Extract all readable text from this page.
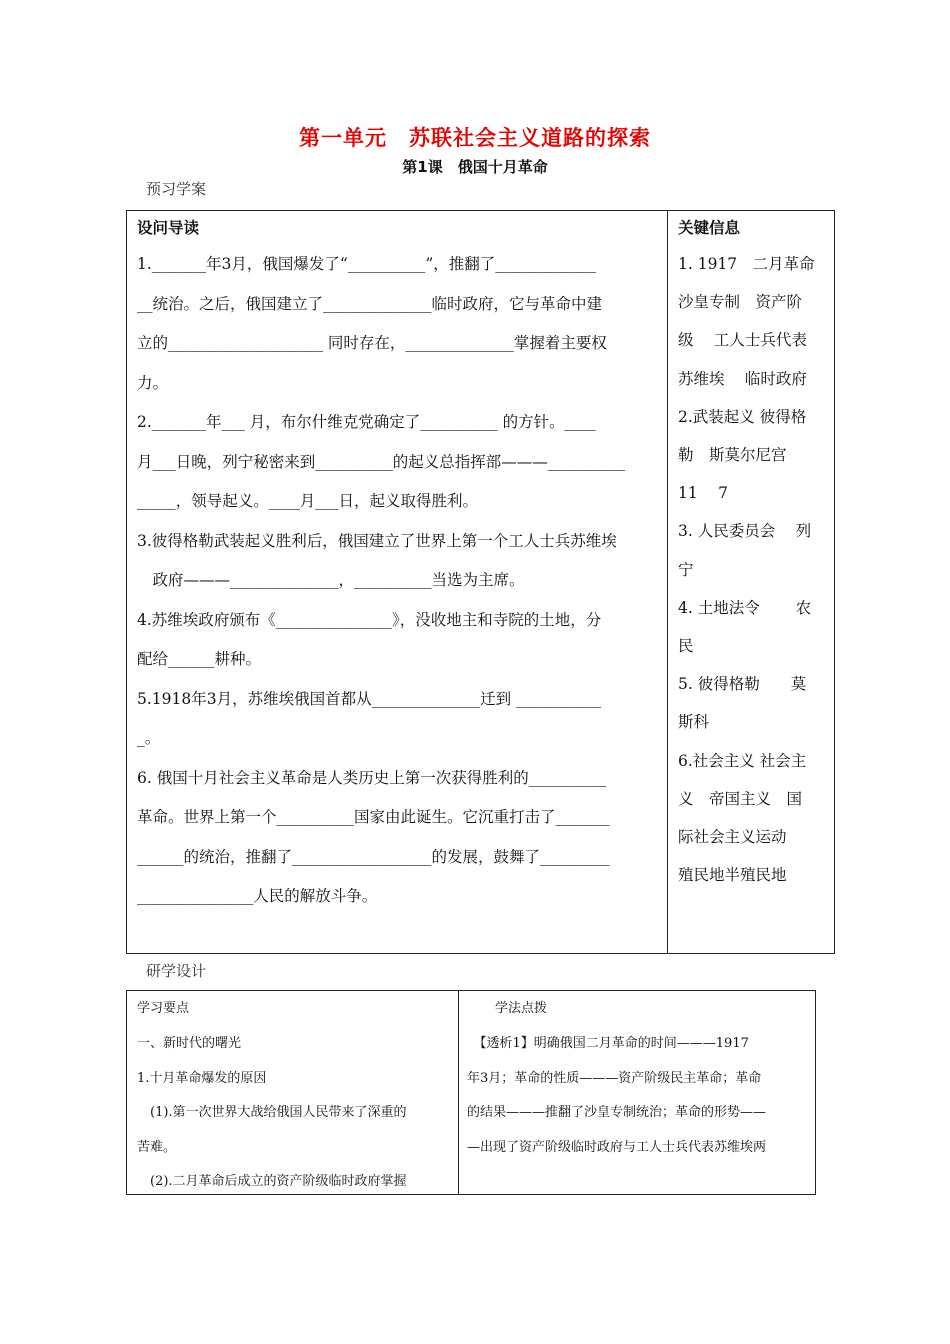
第一单元　苏联社会主义道路的探索
第1课　俄国十月革命
预习学案
设问导读	关键信息
1._______年3月，俄国爆发了“__________”，推翻了_____________
__统治。之后，俄国建立了______________临时政府，它与革命中建
立的____________________ 同时存在，______________掌握着主要权
力。
2._______年___ 月，布尔什维克党确定了__________ 的方针。____
月___日晚，列宁秘密来到__________的起义总指挥部———__________
_____，领导起义。____月___日，起义取得胜利。
3.彼得格勒武装起义胜利后，俄国建立了世界上第一个工人士兵苏维埃
　政府———______________，__________当选为主席。
4.苏维埃政府颁布《_______________》，没收地主和寺院的土地，分
配给______耕种。
5.1918年3月，苏维埃俄国首都从______________迁到 ___________
_。
6. 俄国十月社会主义革命是人类历史上第一次获得胜利的__________
革命。世界上第一个__________国家由此诞生。它沉重打击了_______
______的统治，推翻了__________________的发展，鼓舞了_________
_______________人民的解放斗争。
1. 1917　二月革命
沙皇专制　资产阶
级　 工人士兵代表
苏维埃　 临时政府
2.武装起义 彼得格
勒　斯莫尔尼宫
11　 7
3. 人民委员会　 列
宁
4. 土地法令　　 农
民
5. 彼得格勒　　莫
斯科
6.社会主义 社会主
义　帝国主义　国
际社会主义运动
殖民地半殖民地
研学设计
学习要点	学法点拨
一、新时代的曙光
1.十月革命爆发的原因
　(1).第一次世界大战给俄国人民带来了深重的
苦难。
　(2).二月革命后成立的资产阶级临时政府掌握
　【透析1】明确俄国二月革命的时间———1917
年3月；革命的性质———资产阶级民主革命；革命
的结果———推翻了沙皇专制统治；革命的形势——
—出现了资产阶级临时政府与工人士兵代表苏维埃两
